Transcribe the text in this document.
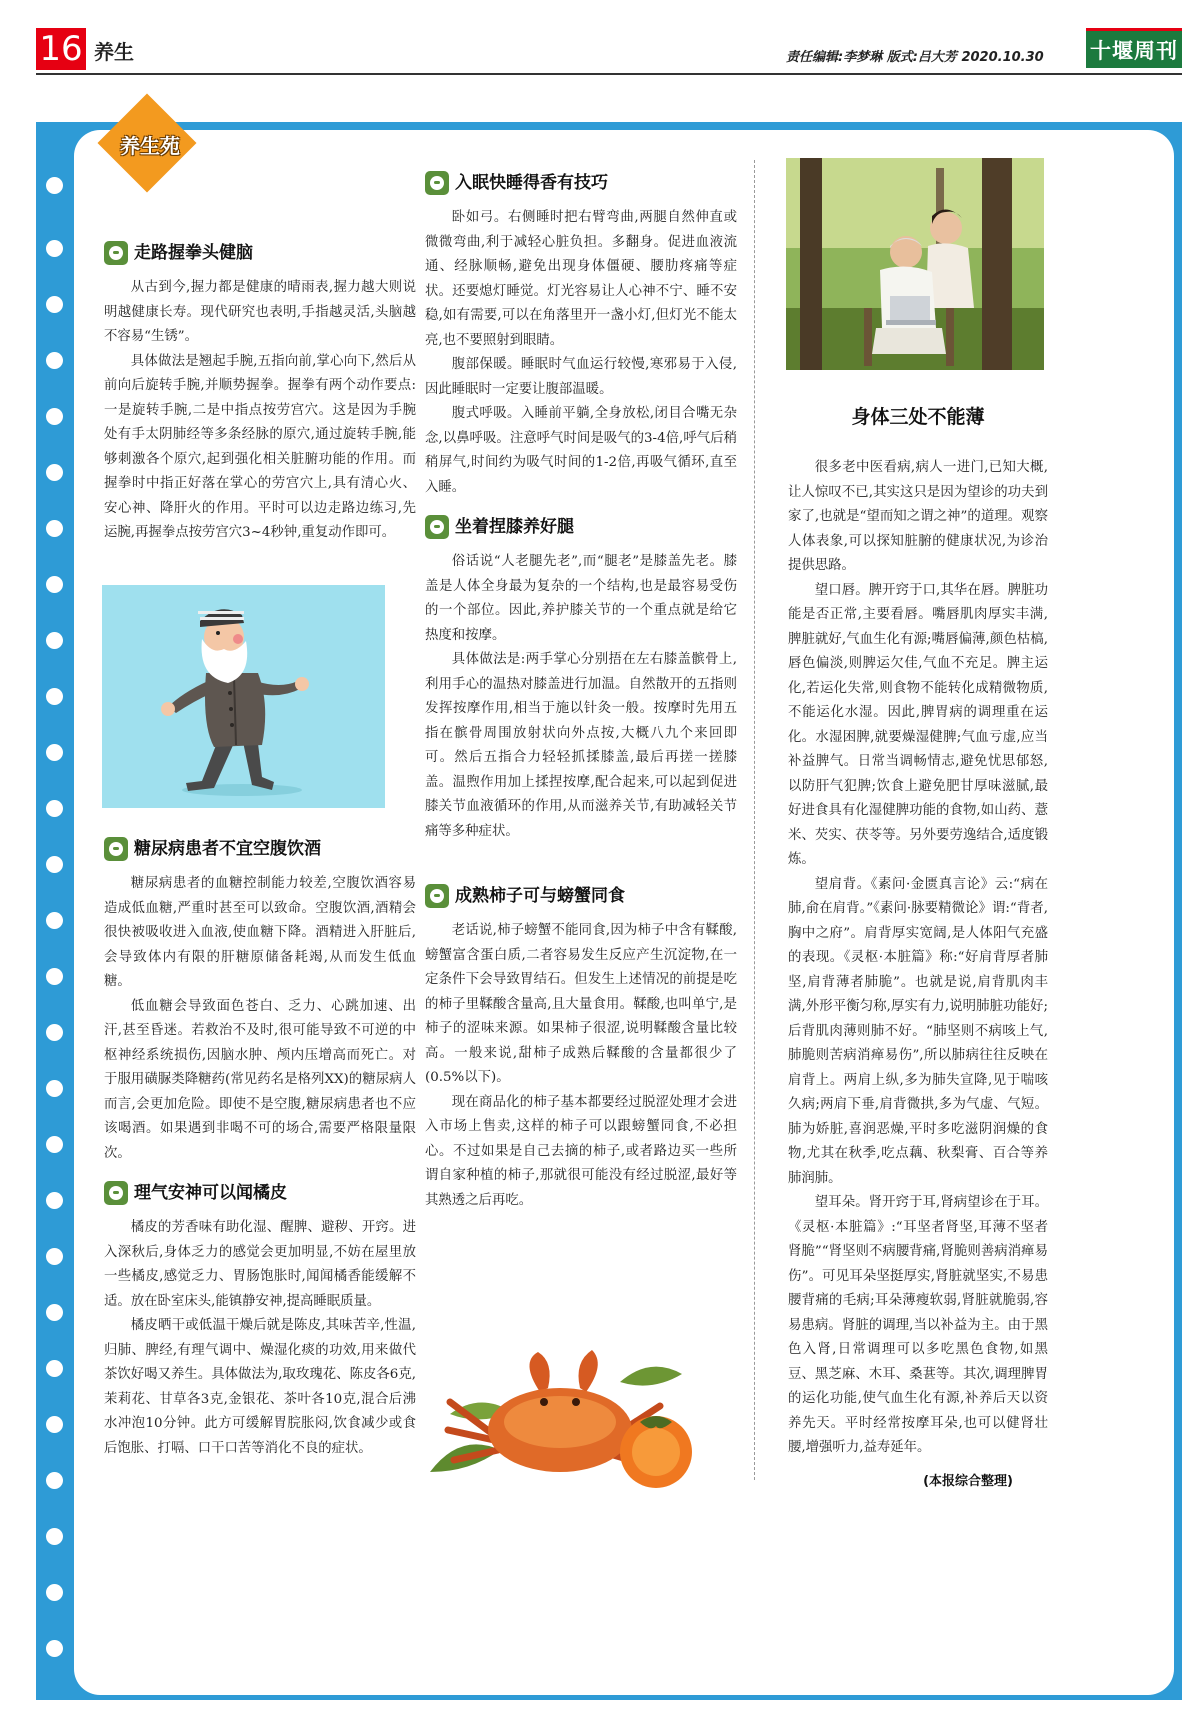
16 养生	责任编辑:李梦琳 版式:吕大芳 2020.10.30 十堰周刊
养生苑
走路握拳头健脑

从古到今,握力都是健康的晴雨表,握力越大则说明越健康长寿。现代研究也表明,手指越灵活,头脑越不容易“生锈”。

具体做法是翘起手腕,五指向前,掌心向下,然后从前向后旋转手腕,并顺势握拳。握拳有两个动作要点:一是旋转手腕,二是中指点按劳宫穴。这是因为手腕处有手太阴肺经等多条经脉的原穴,通过旋转手腕,能够刺激各个原穴,起到强化相关脏腑功能的作用。而握拳时中指正好落在掌心的劳宫穴上,具有清心火、安心神、降肝火的作用。平时可以边走路边练习,先运腕,再握拳点按劳宫穴3~4秒钟,重复动作即可。

糖尿病患者不宜空腹饮酒

糖尿病患者的血糖控制能力较差,空腹饮酒容易造成低血糖,严重时甚至可以致命。空腹饮酒,酒精会很快被吸收进入血液,使血糖下降。酒精进入肝脏后,会导致体内有限的肝糖原储备耗竭,从而发生低血糖。

低血糖会导致面色苍白、乏力、心跳加速、出汗,甚至昏迷。若救治不及时,很可能导致不可逆的中枢神经系统损伤,因脑水肿、颅内压增高而死亡。对于服用磺脲类降糖药(常见药名是格列XX)的糖尿病人而言,会更加危险。即使不是空腹,糖尿病患者也不应该喝酒。如果遇到非喝不可的场合,需要严格限量限次。

理气安神可以闻橘皮

橘皮的芳香味有助化湿、醒脾、避秽、开窍。进入深秋后,身体乏力的感觉会更加明显,不妨在屋里放一些橘皮,感觉乏力、胃肠饱胀时,闻闻橘香能缓解不适。放在卧室床头,能镇静安神,提高睡眠质量。

橘皮晒干或低温干燥后就是陈皮,其味苦辛,性温,归肺、脾经,有理气调中、燥湿化痰的功效,用来做代茶饮好喝又养生。具体做法为,取玫瑰花、陈皮各6克,茉莉花、甘草各3克,金银花、茶叶各10克,混合后沸水冲泡10分钟。此方可缓解胃脘胀闷,饮食减少或食后饱胀、打嗝、口干口苦等消化不良的症状。

入眠快睡得香有技巧

卧如弓。右侧睡时把右臂弯曲,两腿自然伸直或微微弯曲,利于减轻心脏负担。多翻身。促进血液流通、经脉顺畅,避免出现身体僵硬、腰肋疼痛等症状。还要熄灯睡觉。灯光容易让人心神不宁、睡不安稳,如有需要,可以在角落里开一盏小灯,但灯光不能太亮,也不要照射到眼睛。

腹部保暖。睡眠时气血运行较慢,寒邪易于入侵,因此睡眠时一定要让腹部温暖。

腹式呼吸。入睡前平躺,全身放松,闭目合嘴无杂念,以鼻呼吸。注意呼气时间是吸气的3-4倍,呼气后稍稍屏气,时间约为吸气时间的1-2倍,再吸气循环,直至入睡。

坐着捏膝养好腿

俗话说“人老腿先老”,而“腿老”是膝盖先老。膝盖是人体全身最为复杂的一个结构,也是最容易受伤的一个部位。因此,养护膝关节的一个重点就是给它热度和按摩。

具体做法是:两手掌心分别捂在左右膝盖髌骨上,利用手心的温热对膝盖进行加温。自然散开的五指则发挥按摩作用,相当于施以针灸一般。按摩时先用五指在髌骨周围放射状向外点按,大概八九个来回即可。然后五指合力轻轻抓揉膝盖,最后再搓一搓膝盖。温煦作用加上揉捏按摩,配合起来,可以起到促进膝关节血液循环的作用,从而滋养关节,有助减轻关节痛等多种症状。

成熟柿子可与螃蟹同食

老话说,柿子螃蟹不能同食,因为柿子中含有鞣酸,螃蟹富含蛋白质,二者容易发生反应产生沉淀物,在一定条件下会导致胃结石。但发生上述情况的前提是吃的柿子里鞣酸含量高,且大量食用。鞣酸,也叫单宁,是柿子的涩味来源。如果柿子很涩,说明鞣酸含量比较高。一般来说,甜柿子成熟后鞣酸的含量都很少了(0.5%以下)。

现在商品化的柿子基本都要经过脱涩处理才会进入市场上售卖,这样的柿子可以跟螃蟹同食,不必担心。不过如果是自己去摘的柿子,或者路边买一些所谓自家种植的柿子,那就很可能没有经过脱涩,最好等其熟透之后再吃。

身体三处不能薄

很多老中医看病,病人一进门,已知大概,让人惊叹不已,其实这只是因为望诊的功夫到家了,也就是“望而知之谓之神”的道理。观察人体表象,可以探知脏腑的健康状况,为诊治提供思路。

望口唇。脾开窍于口,其华在唇。脾脏功能是否正常,主要看唇。嘴唇肌肉厚实丰满,脾脏就好,气血生化有源;嘴唇偏薄,颜色枯槁,唇色偏淡,则脾运欠佳,气血不充足。脾主运化,若运化失常,则食物不能转化成精微物质,不能运化水湿。因此,脾胃病的调理重在运化。水湿困脾,就要燥湿健脾;气血亏虚,应当补益脾气。日常当调畅情志,避免忧思郁怒,以防肝气犯脾;饮食上避免肥甘厚味滋腻,最好进食具有化湿健脾功能的食物,如山药、薏米、芡实、茯苓等。另外要劳逸结合,适度锻炼。

望肩背。《素问·金匮真言论》云:“病在肺,俞在肩背。”《素问·脉要精微论》谓:“背者,胸中之府”。肩背厚实宽阔,是人体阳气充盛的表现。《灵枢·本脏篇》称:“好肩背厚者肺坚,肩背薄者肺脆”。也就是说,肩背肌肉丰满,外形平衡匀称,厚实有力,说明肺脏功能好;后背肌肉薄则肺不好。“肺坚则不病咳上气,肺脆则苦病消瘅易伤”,所以肺病往往反映在肩背上。两肩上纵,多为肺失宣降,见于喘咳久病;两肩下垂,肩背微拱,多为气虚、气短。肺为娇脏,喜润恶燥,平时多吃滋阴润燥的食物,尤其在秋季,吃点藕、秋梨膏、百合等养肺润肺。

望耳朵。肾开窍于耳,肾病望诊在于耳。《灵枢·本脏篇》:“耳坚者肾坚,耳薄不坚者肾脆”“肾坚则不病腰背痛,肾脆则善病消瘅易伤”。可见耳朵坚挺厚实,肾脏就坚实,不易患腰背痛的毛病;耳朵薄瘦软弱,肾脏就脆弱,容易患病。肾脏的调理,当以补益为主。由于黑色入肾,日常调理可以多吃黑色食物,如黑豆、黑芝麻、木耳、桑葚等。其次,调理脾胃的运化功能,使气血生化有源,补养后天以资养先天。平时经常按摩耳朵,也可以健肾壮腰,增强听力,益寿延年。

(本报综合整理)
